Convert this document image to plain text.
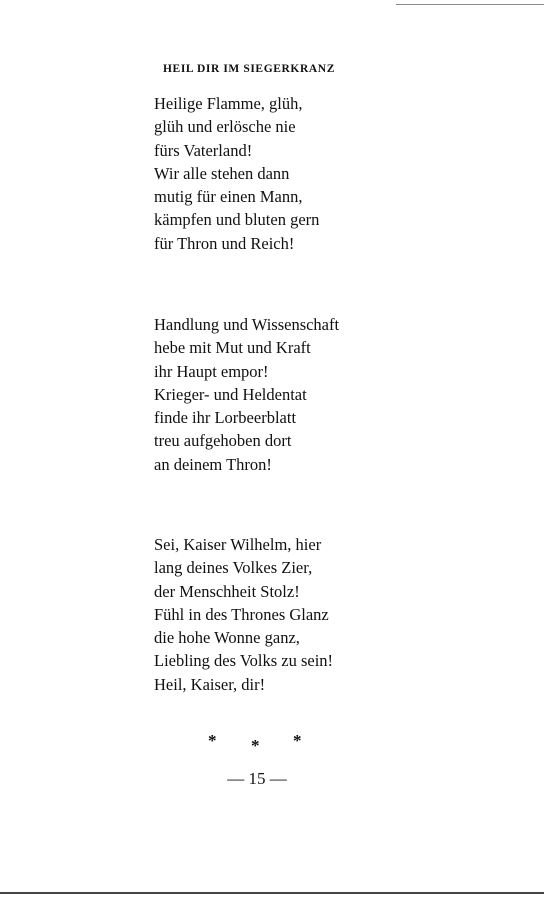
HEIL DIR IM SIEGERKRANZ
Heilige Flamme, glüh,
glüh und erlösche nie
fürs Vaterland!
Wir alle stehen dann
mutig für einen Mann,
kämpfen und bluten gern
für Thron und Reich!
Handlung und Wissenschaft
hebe mit Mut und Kraft
ihr Haupt empor!
Krieger- und Heldentat
finde ihr Lorbeerblatt
treu aufgehoben dort
an deinem Thron!
Sei, Kaiser Wilhelm, hier
lang deines Volkes Zier,
der Menschheit Stolz!
Fühl in des Thrones Glanz
die hohe Wonne ganz,
Liebling des Volks zu sein!
Heil, Kaiser, dir!
* * *
— 15 —
